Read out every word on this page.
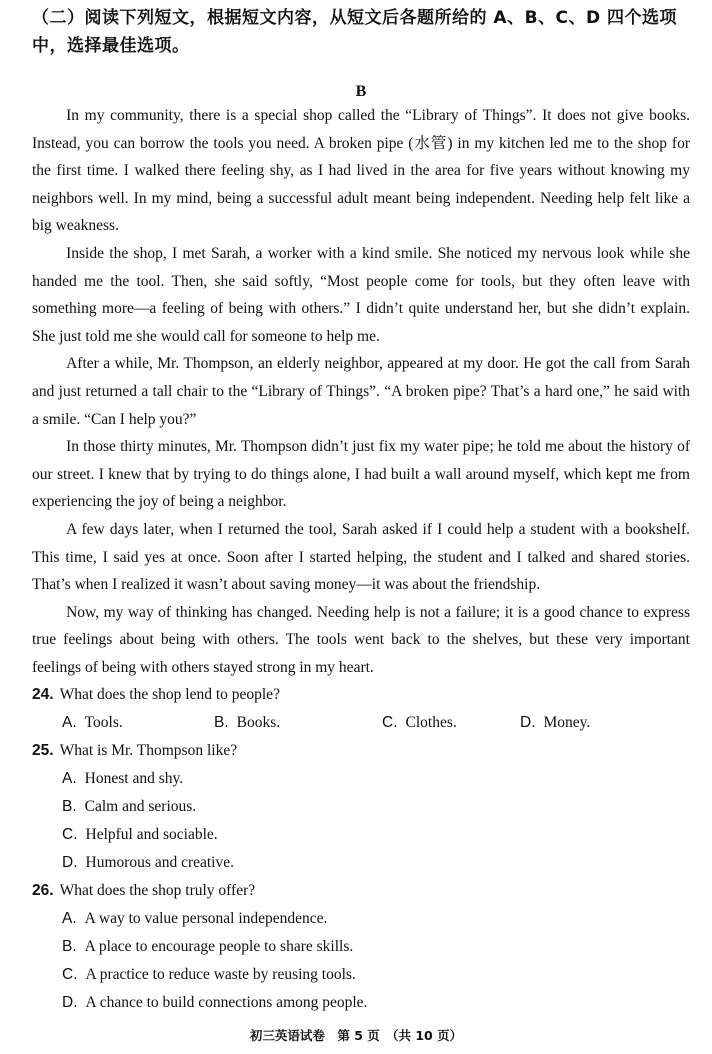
（二）阅读下列短文，根据短文内容，从短文后各题所给的 A、B、C、D 四个选项中，选择最佳选项。
B

In my community, there is a special shop called the “Library of Things”. It does not give books. Instead, you can borrow the tools you need. A broken pipe (水管) in my kitchen led me to the shop for the first time. I walked there feeling shy, as I had lived in the area for five years without knowing my neighbors well. In my mind, being a successful adult meant being independent. Needing help felt like a big weakness.

Inside the shop, I met Sarah, a worker with a kind smile. She noticed my nervous look while she handed me the tool. Then, she said softly, “Most people come for tools, but they often leave with something more—a feeling of being with others.” I didn’t quite understand her, but she didn’t explain. She just told me she would call for someone to help me.

After a while, Mr. Thompson, an elderly neighbor, appeared at my door. He got the call from Sarah and just returned a tall chair to the “Library of Things”. “A broken pipe? That’s a hard one,” he said with a smile. “Can I help you?”

In those thirty minutes, Mr. Thompson didn’t just fix my water pipe; he told me about the history of our street. I knew that by trying to do things alone, I had built a wall around myself, which kept me from experiencing the joy of being a neighbor.

A few days later, when I returned the tool, Sarah asked if I could help a student with a bookshelf. This time, I said yes at once. Soon after I started helping, the student and I talked and shared stories. That’s when I realized it wasn’t about saving money—it was about the friendship.

Now, my way of thinking has changed. Needing help is not a failure; it is a good chance to express true feelings about being with others. The tools went back to the shelves, but these very important feelings of being with others stayed strong in my heart.

24. What does the shop lend to people?
A. Tools.	B. Books.	C. Clothes.	D. Money.
25. What is Mr. Thompson like?
A. Honest and shy.
B. Calm and serious.
C. Helpful and sociable.
D. Humorous and creative.
26. What does the shop truly offer?
A. A way to value personal independence.
B. A place to encourage people to share skills.
C. A practice to reduce waste by reusing tools.
D. A chance to build connections among people.
初三英语试卷　第 5 页　（共 10 页）
